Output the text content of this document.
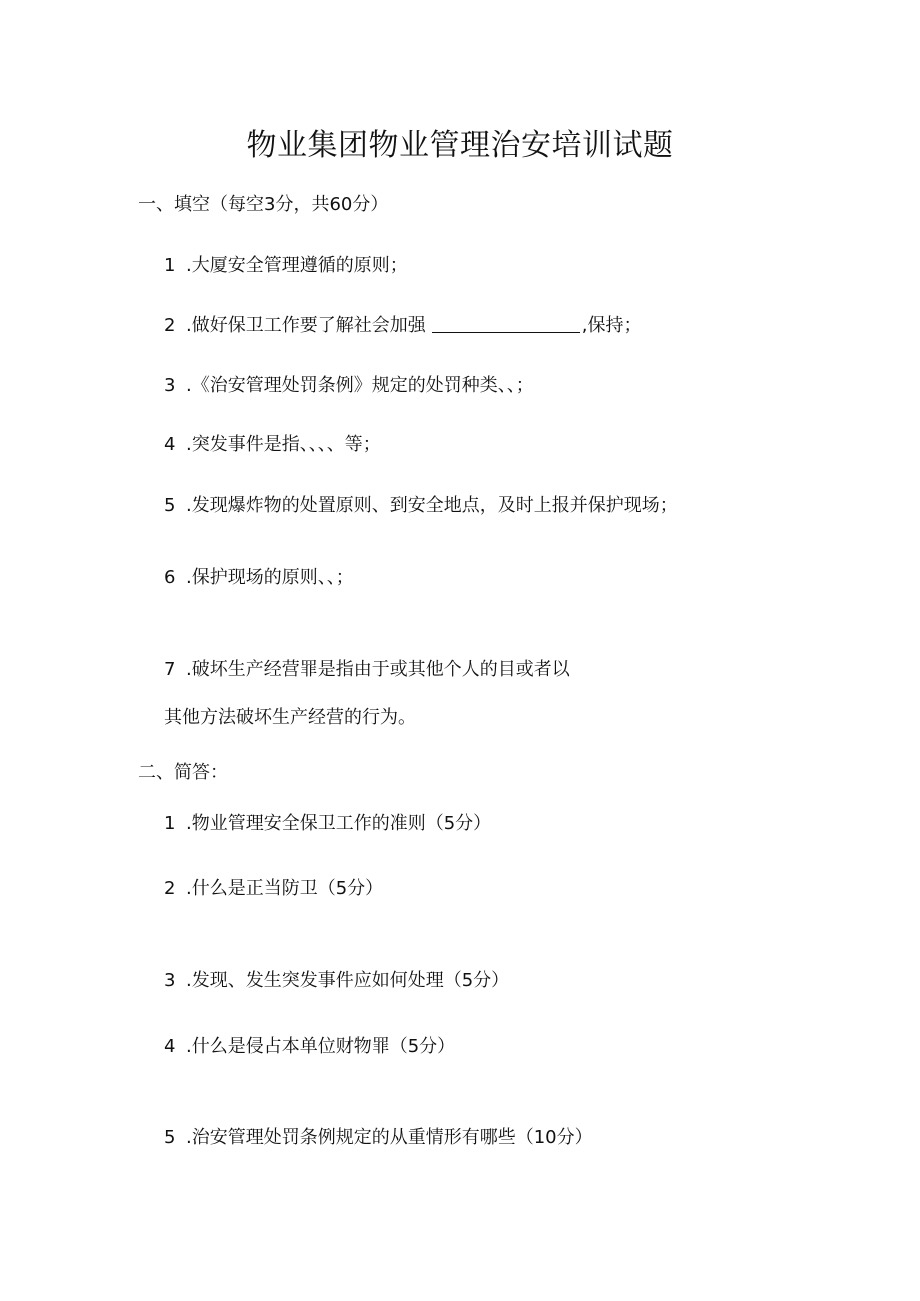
物业集团物业管理治安培训试题
一、填空（每空3分，共60分）
1 .大厦安全管理遵循的原则；
2 .做好保卫工作要了解社会加强	,保持；
3 .《治安管理处罚条例》规定的处罚种类、、；
4 .突发事件是指、、、、等；
5 .发现爆炸物的处置原则、到安全地点，及时上报并保护现场；
6 .保护现场的原则、、；
7 .破坏生产经营罪是指由于或其他个人的目或者以
其他方法破坏生产经营的行为。
二、简答：
1 .物业管理安全保卫工作的准则（5分）
2 .什么是正当防卫（5分）
3 .发现、发生突发事件应如何处理（5分）
4 .什么是侵占本单位财物罪（5分）
5 .治安管理处罚条例规定的从重情形有哪些（10分）
